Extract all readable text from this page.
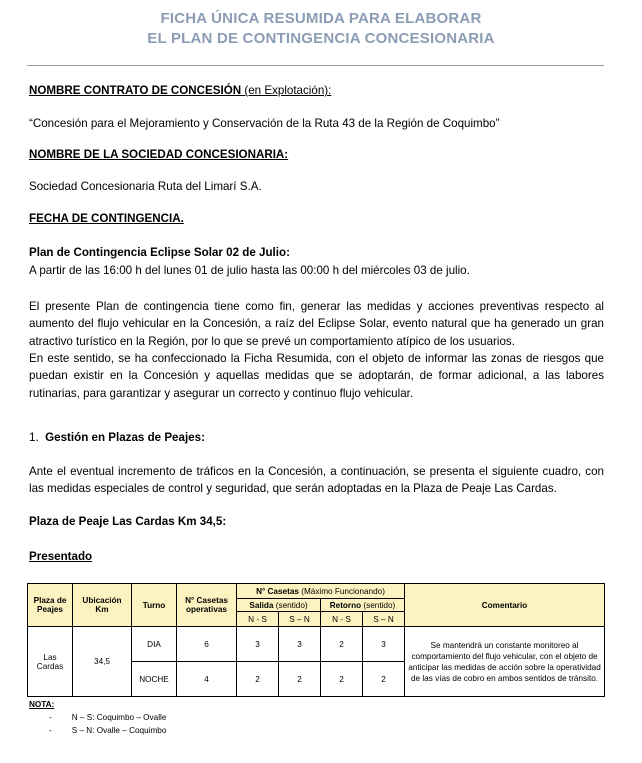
FICHA ÚNICA RESUMIDA PARA ELABORAR
EL PLAN DE CONTINGENCIA CONCESIONARIA
NOMBRE CONTRATO DE CONCESIÓN (en Explotación):
“Concesión para el Mejoramiento y Conservación de la Ruta 43 de la Región de Coquimbo”
NOMBRE DE LA SOCIEDAD CONCESIONARIA:
Sociedad Concesionaria Ruta del Limarí S.A.
FECHA DE CONTINGENCIA.
Plan de Contingencia Eclipse Solar 02 de Julio:
A partir de las 16:00 h del lunes 01 de julio hasta las 00:00 h del miércoles 03 de julio.
El presente Plan de contingencia tiene como fin, generar las medidas y acciones preventivas respecto al aumento del flujo vehicular en la Concesión, a raíz del Eclipse Solar, evento natural que ha generado un gran atractivo turístico en la Región, por lo que se prevé un comportamiento atípico de los usuarios.
En este sentido, se ha confeccionado la Ficha Resumida, con el objeto de informar las zonas de riesgos que puedan existir en la Concesión y aquellas medidas que se adoptarán, de formar adicional, a las labores rutinarias, para garantizar y asegurar un correcto y continuo flujo vehicular.
1. Gestión en Plazas de Peajes:
Ante el eventual incremento de tráficos en la Concesión, a continuación, se presenta el siguiente cuadro, con las medidas especiales de control y seguridad, que serán adoptadas en la Plaza de Peaje Las Cardas.
Plaza de Peaje Las Cardas Km 34,5:
Presentado
Plaza de Peajes	Ubicación Km	Turno	N° Casetas operativas	N° Casetas (Máximo Funcionando)				Comentario
				Salida (sentido)		Retorno (sentido)		
				N - S	S – N	N - S	S – N	
Las Cardas	34,5	DIA	6	3	3	2	3	Se mantendrá un constante monitoreo al comportamiento del flujo vehicular, con el objeto de anticipar las medidas de acción sobre la operatividad de las vías de cobro en ambos sentidos de tránsito.
		NOCHE	4	2	2	2	2	
NOTA:
- N – S: Coquimbo – Ovalle
- S – N: Ovalle – Coquimbo
